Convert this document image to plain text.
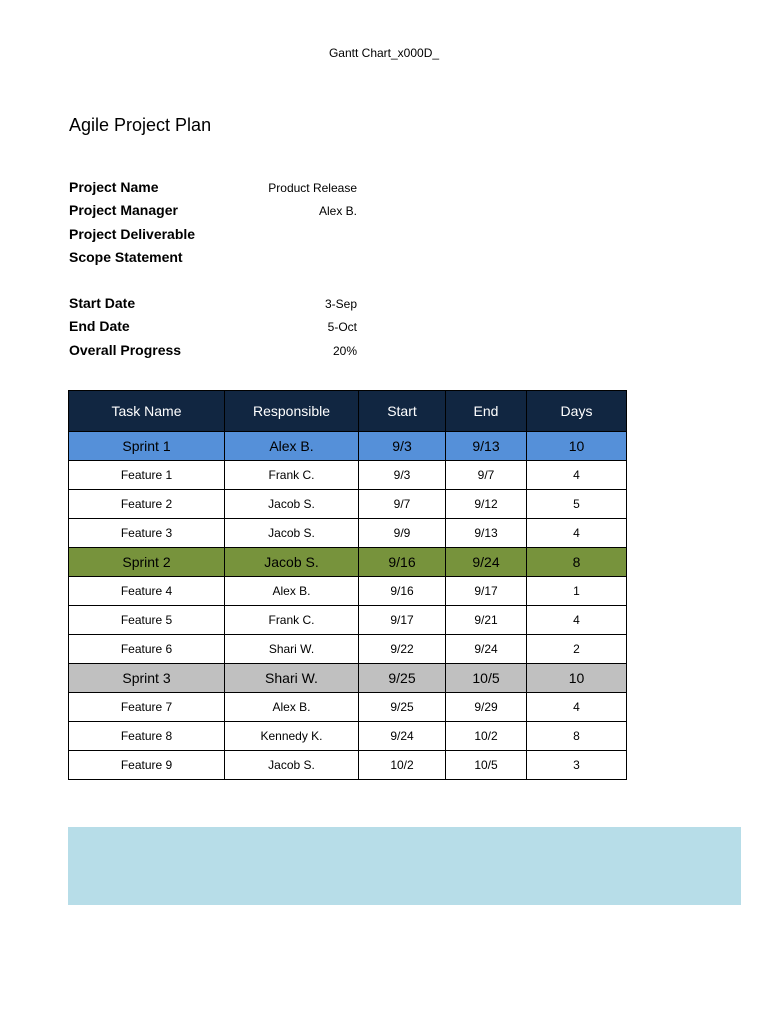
Gantt Chart_x000D_
Agile Project Plan
Project Name	Product Release
Project Manager	Alex B.
Project Deliverable
Scope Statement
Start Date	3-Sep
End Date	5-Oct
Overall Progress	20%
Task Name	Responsible	Start	End	Days
Sprint 1	Alex B.	9/3	9/13	10
Feature 1	Frank C.	9/3	9/7	4
Feature 2	Jacob S.	9/7	9/12	5
Feature 3	Jacob S.	9/9	9/13	4
Sprint 2	Jacob S.	9/16	9/24	8
Feature 4	Alex B.	9/16	9/17	1
Feature 5	Frank C.	9/17	9/21	4
Feature 6	Shari W.	9/22	9/24	2
Sprint 3	Shari W.	9/25	10/5	10
Feature 7	Alex B.	9/25	9/29	4
Feature 8	Kennedy K.	9/24	10/2	8
Feature 9	Jacob S.	10/2	10/5	3
